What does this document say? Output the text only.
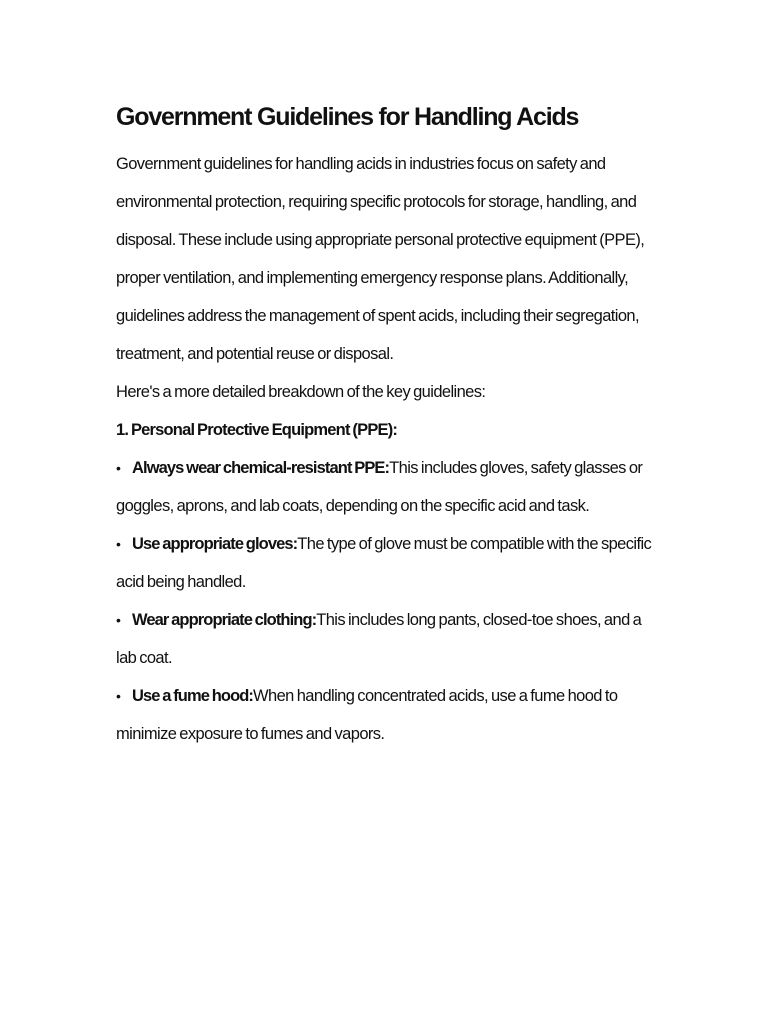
Government Guidelines for Handling Acids

Government guidelines for handling acids in industries focus on safety and environmental protection, requiring specific protocols for storage, handling, and disposal. These include using appropriate personal protective equipment (PPE), proper ventilation, and implementing emergency response plans. Additionally, guidelines address the management of spent acids, including their segregation, treatment, and potential reuse or disposal.

Here's a more detailed breakdown of the key guidelines:

1. Personal Protective Equipment (PPE):

• Always wear chemical-resistant PPE:This includes gloves, safety glasses or goggles, aprons, and lab coats, depending on the specific acid and task.
• Use appropriate gloves:The type of glove must be compatible with the specific acid being handled.
• Wear appropriate clothing:This includes long pants, closed-toe shoes, and a lab coat.
• Use a fume hood:When handling concentrated acids, use a fume hood to minimize exposure to fumes and vapors.
